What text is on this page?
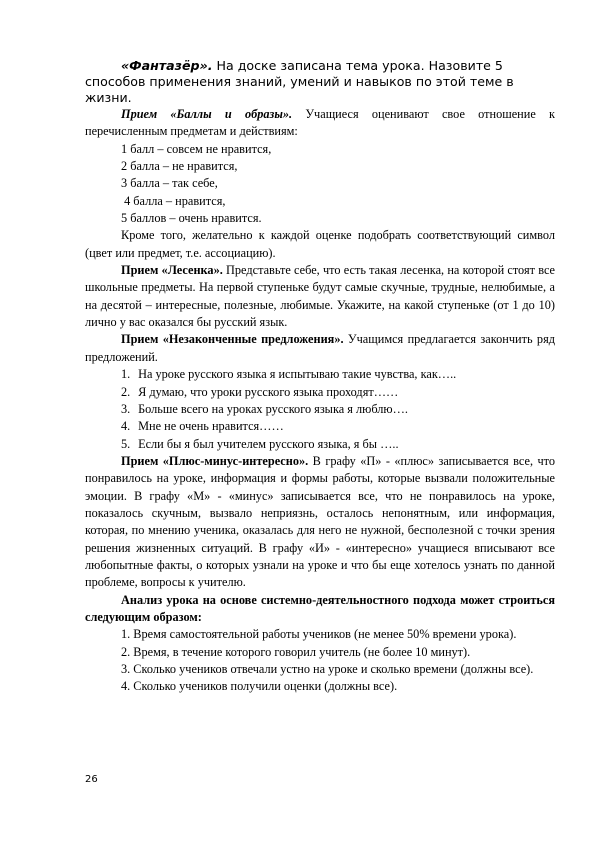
«Фантазёр». На доске записана тема урока. Назовите 5 способов применения знаний, умений и навыков по этой теме в жизни.

Прием «Баллы и образы». Учащиеся оценивают свое отношение к перечисленным предметам и действиям:

1 балл – совсем не нравится,

2 балла – не нравится,

3 балла – так себе,

4 балла – нравится,

5 баллов – очень нравится.

Кроме того, желательно к каждой оценке подобрать соответствующий символ (цвет или предмет, т.е. ассоциацию).

Прием «Лесенка». Представьте себе, что есть такая лесенка, на которой стоят все школьные предметы. На первой ступеньке будут самые скучные, трудные, нелюбимые, а на десятой – интересные, полезные, любимые. Укажите, на какой ступеньке (от 1 до 10) лично у вас оказался бы русский язык.

Прием «Незаконченные предложения». Учащимся предлагается закончить ряд предложений.

1. На уроке русского языка я испытываю такие чувства, как…..

2. Я думаю, что уроки русского языка проходят……

3. Больше всего на уроках русского языка я люблю….

4. Мне не очень нравится……

5. Если бы я был учителем русского языка, я бы …..

Прием «Плюс-минус-интересно». В графу «П» - «плюс» записывается все, что понравилось на уроке, информация и формы работы, которые вызвали положительные эмоции. В графу «М» - «минус» записывается все, что не понравилось на уроке, показалось скучным, вызвало неприязнь, осталось непонятным, или информация, которая, по мнению ученика, оказалась для него не нужной, бесполезной с точки зрения решения жизненных ситуаций. В графу «И» - «интересно» учащиеся вписывают все любопытные факты, о которых узнали на уроке и что бы еще хотелось узнать по данной проблеме, вопросы к учителю.

Анализ урока на основе системно-деятельностного подхода может строиться следующим образом:

1. Время самостоятельной работы учеников (не менее 50% времени урока).

2. Время, в течение которого говорил учитель (не более 10 минут).

3. Сколько учеников отвечали устно на уроке и сколько времени (должны все).

4. Сколько учеников получили оценки (должны все).

26
